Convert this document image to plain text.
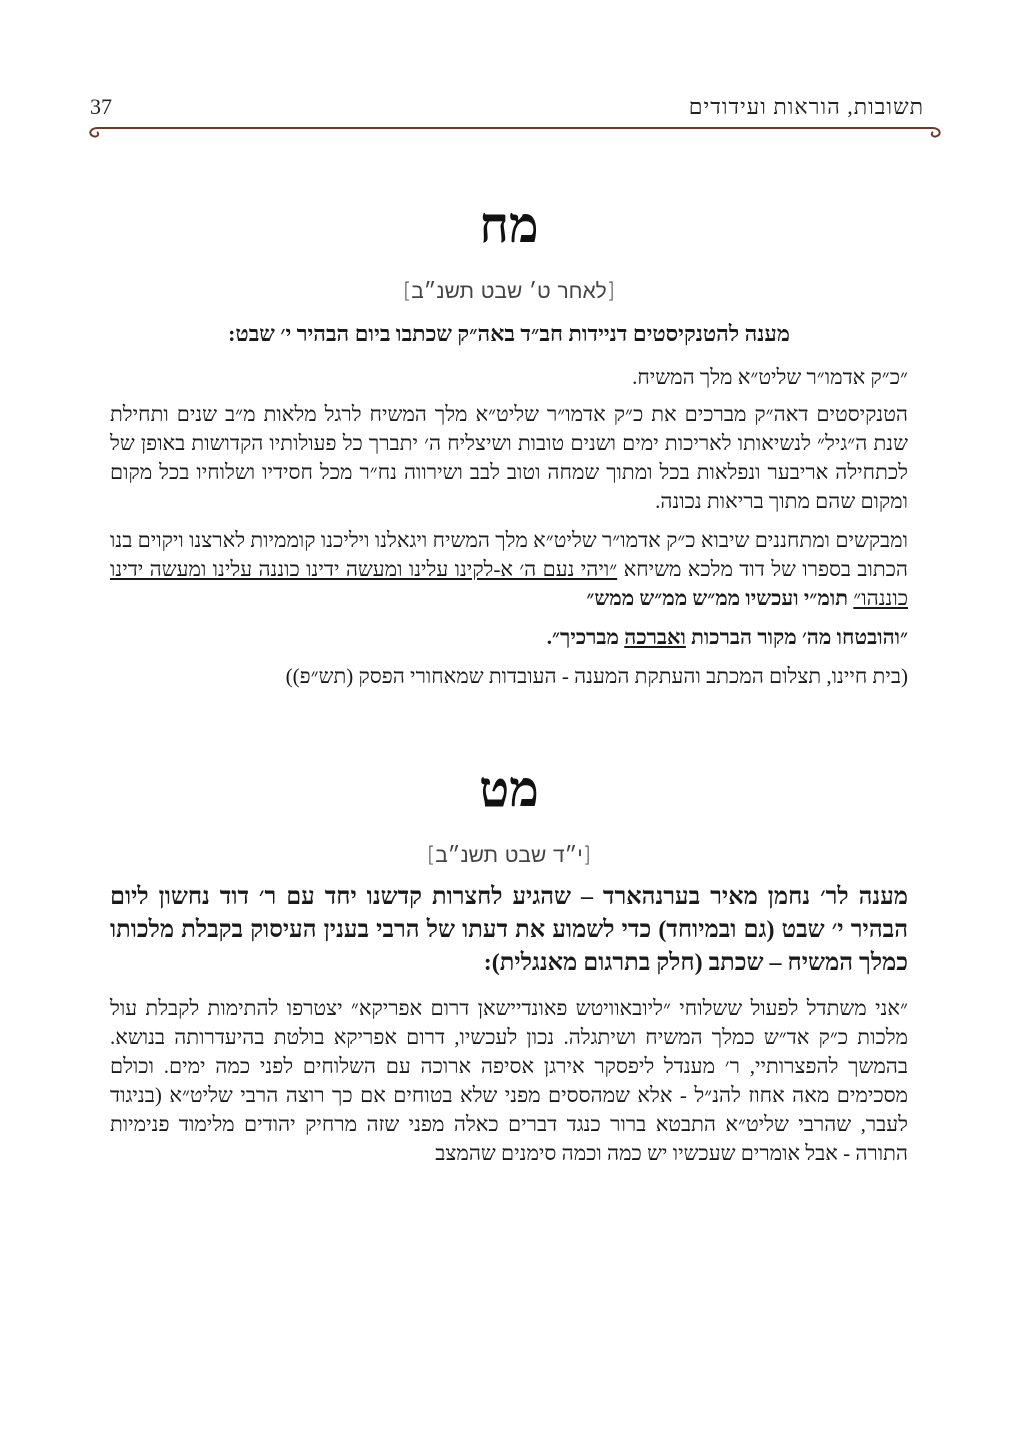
37	תשובות, הוראות ועידודים
מח
[לאחר ט׳ שבט תשנ״ב]
מענה להטנקיסטים דניידות חב״ד באה״ק שכתבו ביום הבהיר י׳ שבט:

״כ״ק אדמו״ר שליט״א מלך המשיח.

הטנקיסטים דאה״ק מברכים את כ״ק אדמו״ר שליט״א מלך המשיח לרגל מלאות מ״ב שנים ותחילת שנת ה״גיל״ לנשיאותו לאריכות ימים ושנים טובות ושיצליח ה׳ יתברך כל פעולותיו הקדושות באופן של לכתחילה אריבער ונפלאות בכל ומתוך שמחה וטוב לבב ושירווה נח״ר מכל חסידיו ושלוחיו בכל מקום ומקום שהם מתוך בריאות נכונה.

ומבקשים ומתחננים שיבוא כ״ק אדמו״ר שליט״א מלך המשיח ויגאלנו ויליכנו קוממיות לארצנו ויקוים בנו הכתוב בספרו של דוד מלכא משיחא ״ויהי נעם ה׳ א-לקינו עלינו ומעשה ידינו כוננה עלינו ומעשה ידינו כוננהו״ תומ״י ועכשיו ממ״ש ממ״ש ממש״

״והובטחו מה׳ מקור הברכות ואברכה מברכיך״.

(בית חיינו, תצלום המכתב והעתקת המענה - העובדות שמאחורי הפסק (תש״פ))

מט
[י״ד שבט תשנ״ב]
מענה לר׳ נחמן מאיר בערנהארד – שהגיע לחצרות קדשנו יחד עם ר׳ דוד נחשון ליום הבהיר י׳ שבט (גם ובמיוחד) כדי לשמוע את דעתו של הרבי בענין העיסוק בקבלת מלכותו כמלך המשיח – שכתב (חלק בתרגום מאנגלית):

״אני משתדל לפעול ששלוחי ״ליובאוויטש פאונדיישאן דרום אפריקא״ יצטרפו להתימות לקבלת עול מלכות כ״ק אד״ש כמלך המשיח ושיתגלה. נכון לעכשיו, דרום אפריקא בולטת בהיעדרותה בנושא. בהמשך להפצרותיי, ר׳ מענדל ליפסקר אירגן אסיפה ארוכה עם השלוחים לפני כמה ימים. וכולם מסכימים מאה אחוז להנ״ל - אלא שמהססים מפני שלא בטוחים אם כך רוצה הרבי שליט״א (בניגוד לעבר, שהרבי שליט״א התבטא ברור כנגד דברים כאלה מפני שזה מרחיק יהודים מלימוד פנימיות התורה - אבל אומרים שעכשיו יש כמה וכמה סימנים שהמצב
